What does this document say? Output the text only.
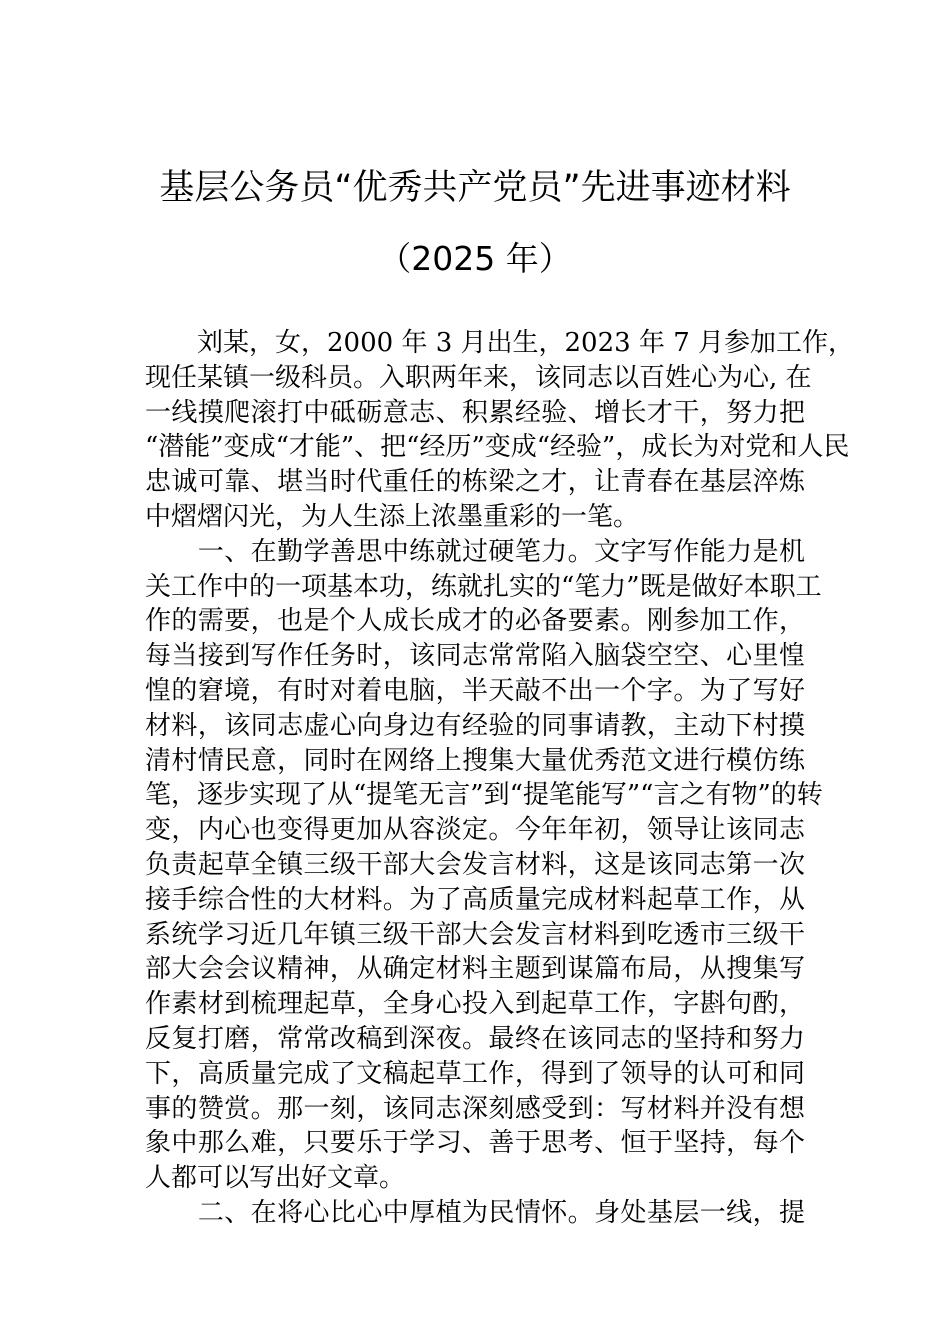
基层公务员“优秀共产党员”先进事迹材料
（2025 年）
　　刘某，女，2000 年 3 月出生，2023 年 7 月参加工作，
现任某镇一级科员。入职两年来，该同志以百姓心为心, 在
一线摸爬滚打中砥砺意志、积累经验、增长才干，努力把
“潜能”变成“才能”、把“经历”变成“经验”，成长为对党和人民
忠诚可靠、堪当时代重任的栋梁之才，让青春在基层淬炼
中熠熠闪光，为人生添上浓墨重彩的一笔。
　　一、在勤学善思中练就过硬笔力。文字写作能力是机
关工作中的一项基本功，练就扎实的“笔力”既是做好本职工
作的需要，也是个人成长成才的必备要素。刚参加工作，
每当接到写作任务时，该同志常常陷入脑袋空空、心里惶
惶的窘境，有时对着电脑，半天敲不出一个字。为了写好
材料，该同志虚心向身边有经验的同事请教，主动下村摸
清村情民意，同时在网络上搜集大量优秀范文进行模仿练
笔，逐步实现了从“提笔无言”到“提笔能写”“言之有物”的转
变，内心也变得更加从容淡定。今年年初，领导让该同志
负责起草全镇三级干部大会发言材料，这是该同志第一次
接手综合性的大材料。为了高质量完成材料起草工作，从
系统学习近几年镇三级干部大会发言材料到吃透市三级干
部大会会议精神，从确定材料主题到谋篇布局，从搜集写
作素材到梳理起草，全身心投入到起草工作，字斟句酌，
反复打磨，常常改稿到深夜。最终在该同志的坚持和努力
下，高质量完成了文稿起草工作，得到了领导的认可和同
事的赞赏。那一刻，该同志深刻感受到：写材料并没有想
象中那么难，只要乐于学习、善于思考、恒于坚持，每个
人都可以写出好文章。
　　二、在将心比心中厚植为民情怀。身处基层一线，提
